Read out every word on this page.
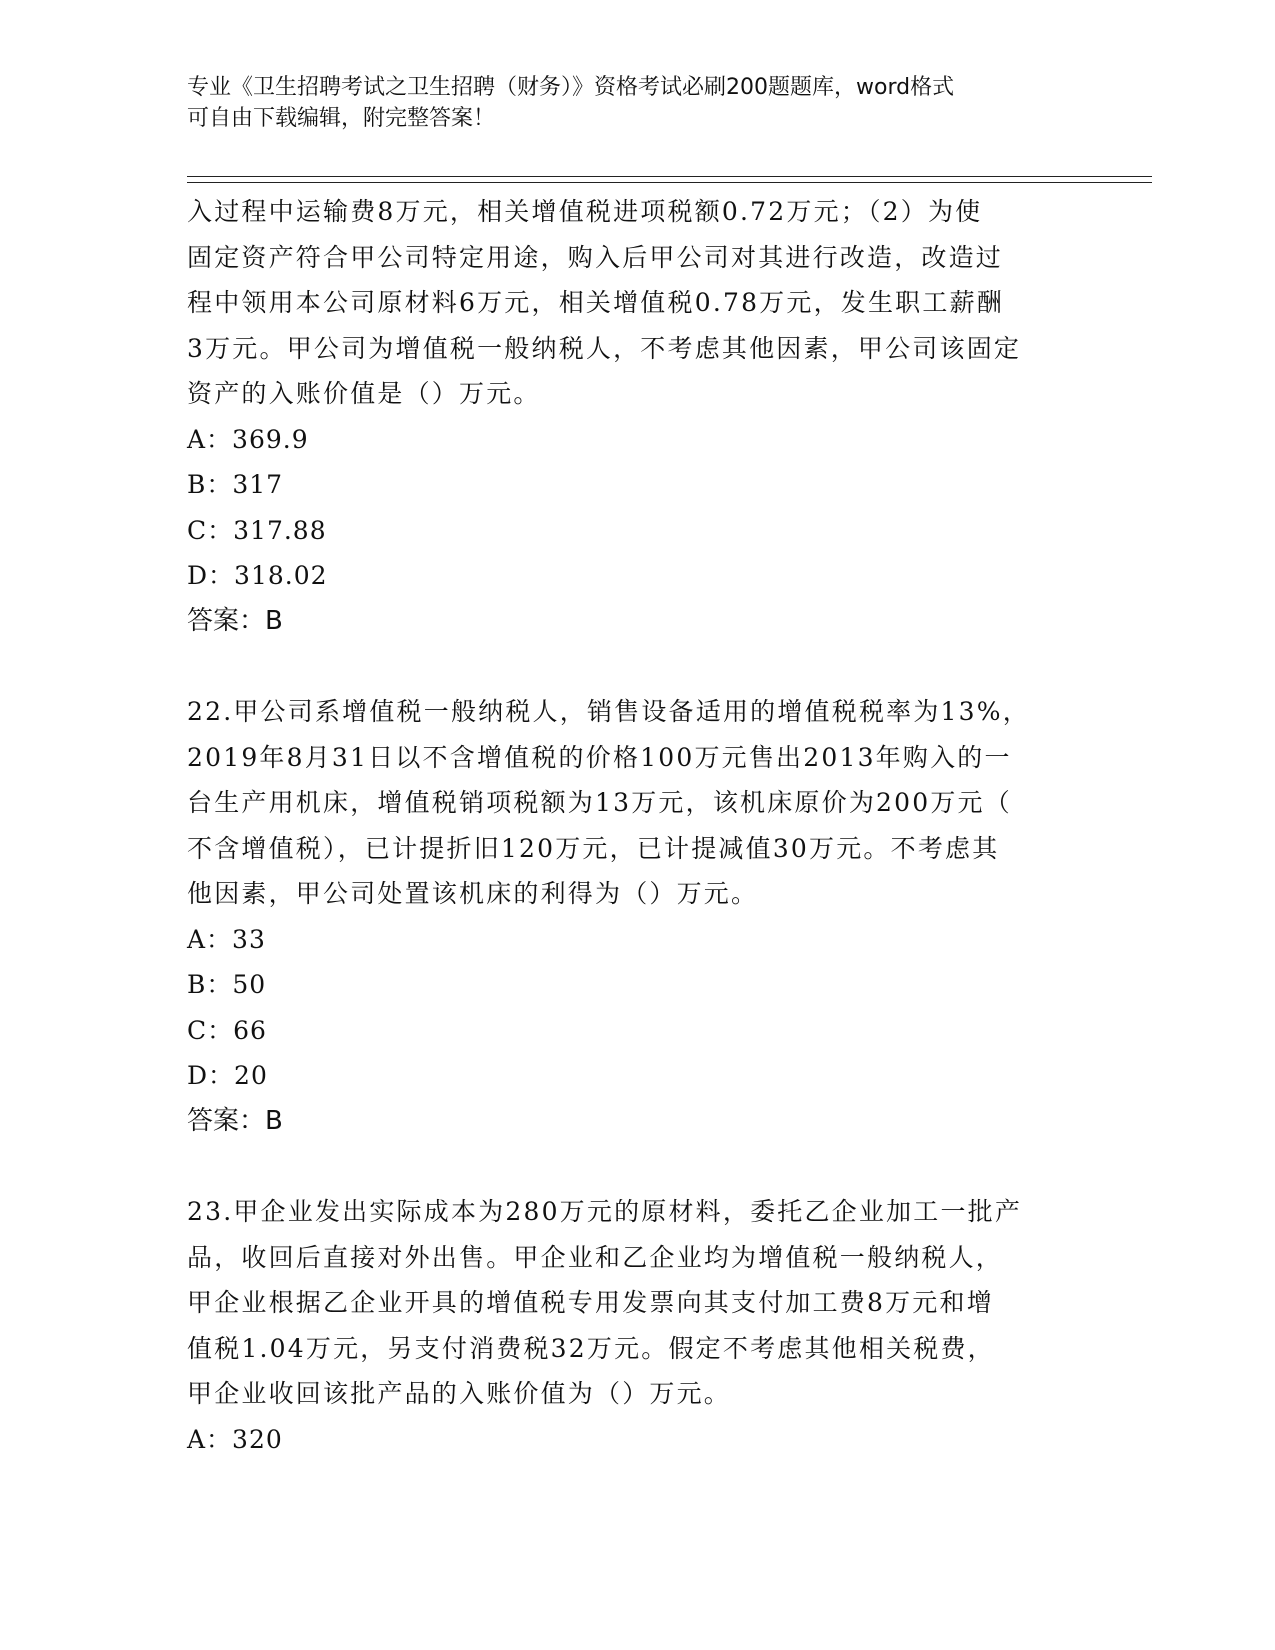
专业《卫生招聘考试之卫生招聘（财务）》资格考试必刷200题题库，word格式
可自由下载编辑，附完整答案！
入过程中运输费8万元，相关增值税进项税额0.72万元；（2）为使
固定资产符合甲公司特定用途，购入后甲公司对其进行改造，改造过
程中领用本公司原材料6万元，相关增值税0.78万元，发生职工薪酬
3万元。甲公司为增值税一般纳税人，不考虑其他因素，甲公司该固定
资产的入账价值是（）万元。
A：369.9
B：317
C：317.88
D：318.02
答案：B
22.甲公司系增值税一般纳税人，销售设备适用的增值税税率为13%，
2019年8月31日以不含增值税的价格100万元售出2013年购入的一
台生产用机床，增值税销项税额为13万元，该机床原价为200万元（
不含增值税），已计提折旧120万元，已计提减值30万元。不考虑其
他因素，甲公司处置该机床的利得为（）万元。
A：33
B：50
C：66
D：20
答案：B
23.甲企业发出实际成本为280万元的原材料，委托乙企业加工一批产
品，收回后直接对外出售。甲企业和乙企业均为增值税一般纳税人，
甲企业根据乙企业开具的增值税专用发票向其支付加工费8万元和增
值税1.04万元，另支付消费税32万元。假定不考虑其他相关税费，
甲企业收回该批产品的入账价值为（）万元。
A：320
